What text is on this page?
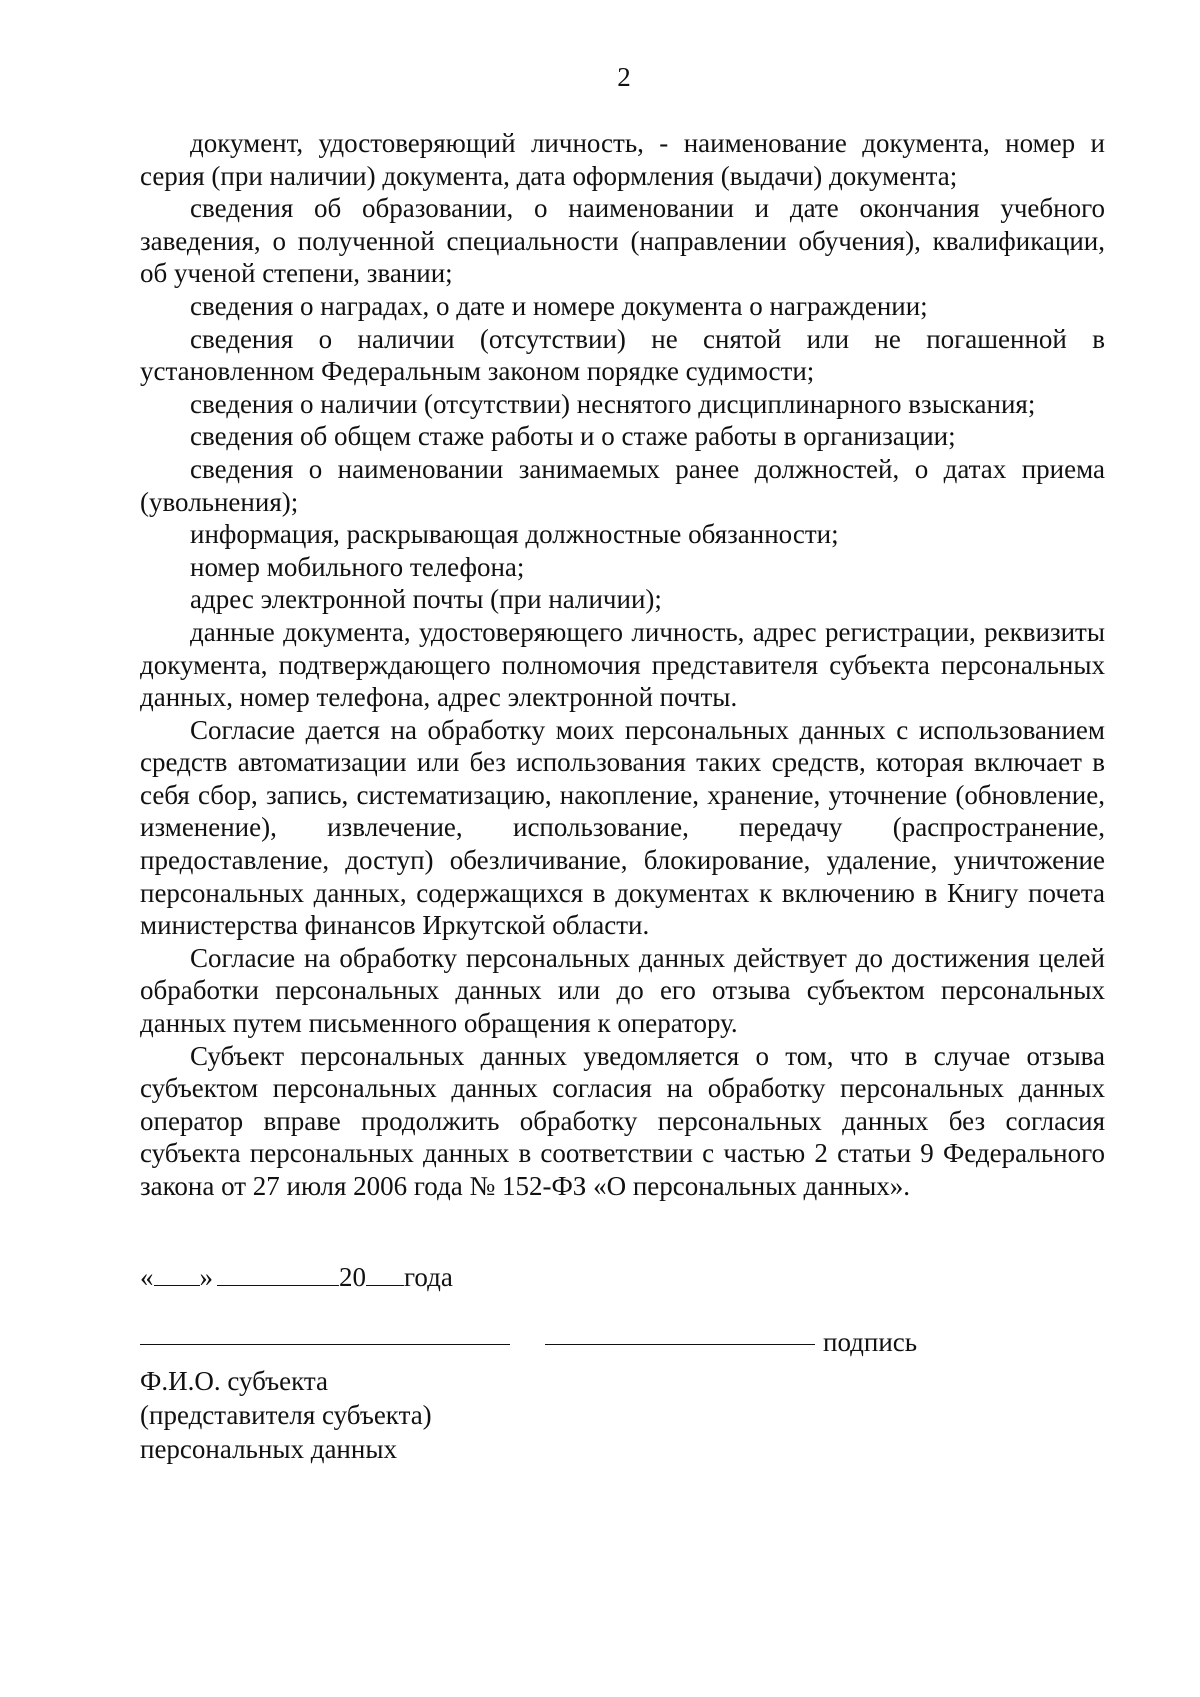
2

документ, удостоверяющий личность, - наименование документа, номер и серия (при наличии) документа, дата оформления (выдачи) документа;

сведения об образовании, о наименовании и дате окончания учебного заведения, о полученной специальности (направлении обучения), квалификации, об ученой степени, звании;

сведения о наградах, о дате и номере документа о награждении;

сведения о наличии (отсутствии) не снятой или не погашенной в установленном Федеральным законом порядке судимости;

сведения о наличии (отсутствии) неснятого дисциплинарного взыскания;

сведения об общем стаже работы и о стаже работы в организации;

сведения о наименовании занимаемых ранее должностей, о датах приема (увольнения);

информация, раскрывающая должностные обязанности;

номер мобильного телефона;

адрес электронной почты (при наличии);

данные документа, удостоверяющего личность, адрес регистрации, реквизиты документа, подтверждающего полномочия представителя субъекта персональных данных, номер телефона, адрес электронной почты.

Согласие дается на обработку моих персональных данных с использованием средств автоматизации или без использования таких средств, которая включает в себя сбор, запись, систематизацию, накопление, хранение, уточнение (обновление, изменение), извлечение, использование, передачу (распространение, предоставление, доступ) обезличивание, блокирование, удаление, уничтожение персональных данных, содержащихся в документах к включению в Книгу почета министерства финансов Иркутской области.

Согласие на обработку персональных данных действует до достижения целей обработки персональных данных или до его отзыва субъектом персональных данных путем письменного обращения к оператору.

Субъект персональных данных уведомляется о том, что в случае отзыва субъектом персональных данных согласия на обработку персональных данных оператор вправе продолжить обработку персональных данных без согласия субъекта персональных данных в соответствии с частью 2 статьи 9 Федерального закона от 27 июля 2006 года № 152-ФЗ «О персональных данных».

« »	20 года
подпись
Ф.И.О. субъекта
(представителя субъекта)
персональных данных
